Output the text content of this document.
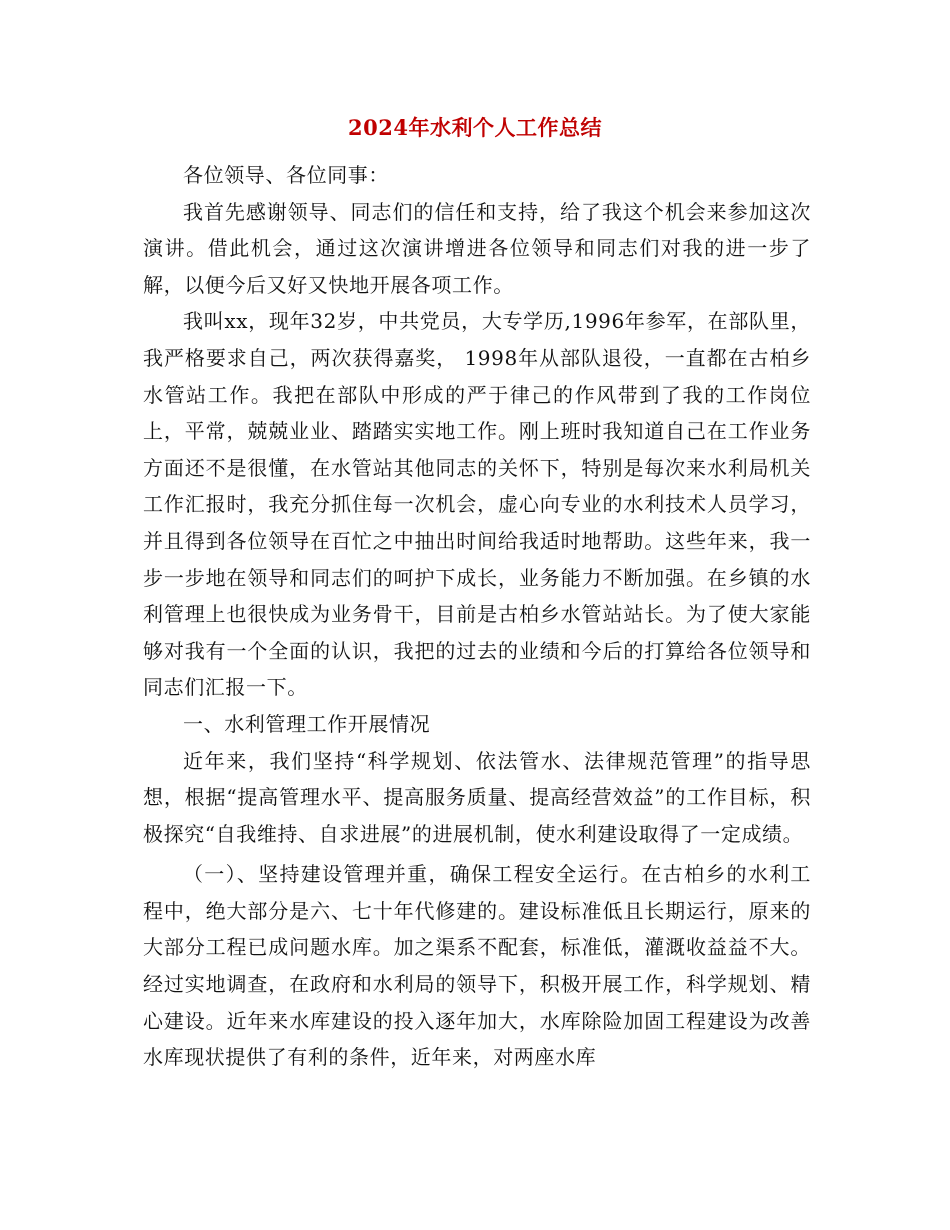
2024年水利个人工作总结

各位领导、各位同事：

我首先感谢领导、同志们的信任和支持，给了我这个机会来参加这次演讲。借此机会，通过这次演讲增进各位领导和同志们对我的进一步了解，以便今后又好又快地开展各项工作。

我叫xx，现年32岁，中共党员，大专学历,1996年参军，在部队里，我严格要求自己，两次获得嘉奖， 1998年从部队退役，一直都在古柏乡水管站工作。我把在部队中形成的严于律己的作风带到了我的工作岗位上，平常，兢兢业业、踏踏实实地工作。刚上班时我知道自己在工作业务方面还不是很懂，在水管站其他同志的关怀下，特别是每次来水利局机关工作汇报时，我充分抓住每一次机会，虚心向专业的水利技术人员学习，并且得到各位领导在百忙之中抽出时间给我适时地帮助。这些年来，我一步一步地在领导和同志们的呵护下成长，业务能力不断加强。在乡镇的水利管理上也很快成为业务骨干，目前是古柏乡水管站站长。为了使大家能够对我有一个全面的认识，我把的过去的业绩和今后的打算给各位领导和同志们汇报一下。

一、水利管理工作开展情况

近年来，我们坚持“科学规划、依法管水、法律规范管理”的指导思想，根据“提高管理水平、提高服务质量、提高经营效益”的工作目标，积极探究“自我维持、自求进展”的进展机制，使水利建设取得了一定成绩。

（一）、坚持建设管理并重，确保工程安全运行。在古柏乡的水利工程中，绝大部分是六、七十年代修建的。建设标准低且长期运行，原来的大部分工程已成问题水库。加之渠系不配套，标准低，灌溉收益益不大。经过实地调查，在政府和水利局的领导下，积极开展工作，科学规划、精心建设。近年来水库建设的投入逐年加大，水库除险加固工程建设为改善水库现状提供了有利的条件，近年来，对两座水库
